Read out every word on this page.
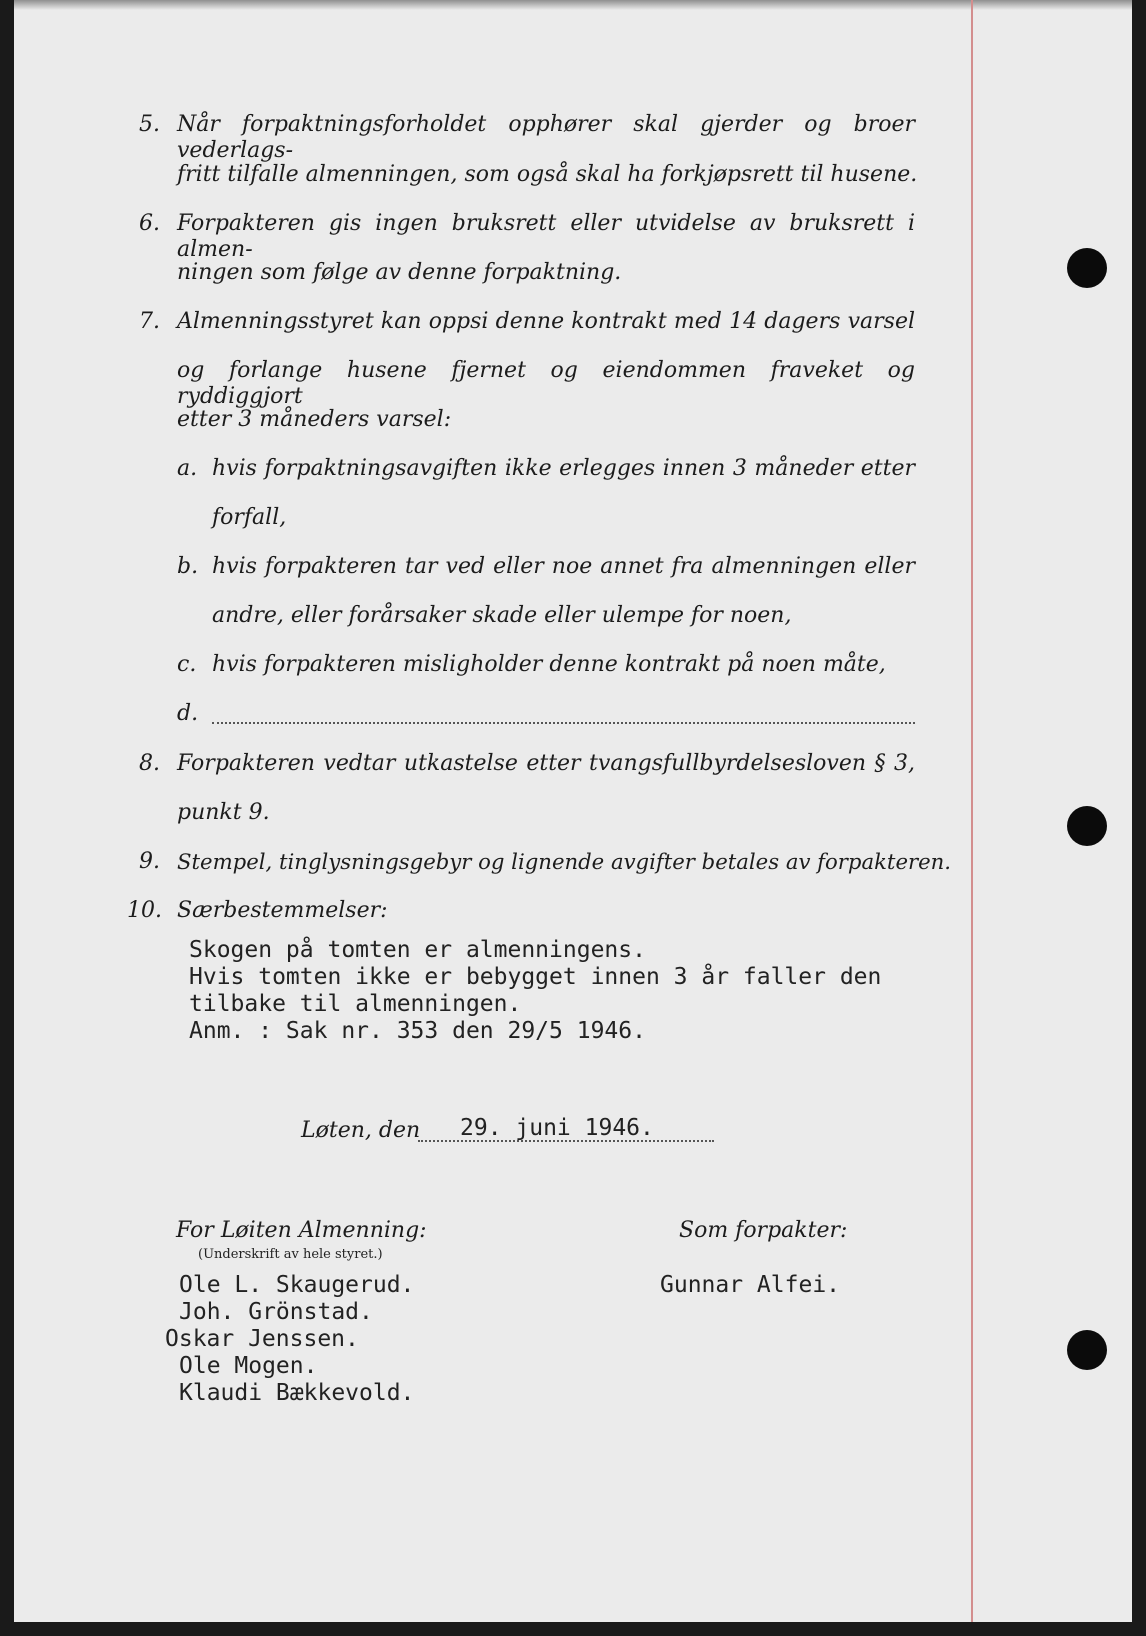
5. Når forpaktningsforholdet opphører skal gjerder og broer vederlags-
fritt tilfalle almenningen, som også skal ha forkjøpsrett til husene.
6. Forpakteren gis ingen bruksrett eller utvidelse av bruksrett i almen-
ningen som følge av denne forpaktning.
7. Almenningsstyret kan oppsi denne kontrakt med 14 dagers varsel
og forlange husene fjernet og eiendommen fraveket og ryddiggjort
etter 3 måneders varsel:
a. hvis forpaktningsavgiften ikke erlegges innen 3 måneder etter
forfall,
b. hvis forpakteren tar ved eller noe annet fra almenningen eller
andre, eller forårsaker skade eller ulempe for noen,
c. hvis forpakteren misligholder denne kontrakt på noen måte,
d.
8. Forpakteren vedtar utkastelse etter tvangsfullbyrdelsesloven § 3,
punkt 9.
9. Stempel, tinglysningsgebyr og lignende avgifter betales av forpakteren.
10. Særbestemmelser:
Skogen på tomten er almenningens.
Hvis tomten ikke er bebygget innen 3 år faller den
tilbake til almenningen.
Anm. : Sak nr. 353 den 29/5 1946.
Løten, den 29. juni 1946.
For Løiten Almenning:
(Underskrift av hele styret.)
Ole L. Skaugerud.
Joh. Grönstad.
Oskar Jenssen.
Ole Mogen.
Klaudi Bækkevold.
Som forpakter:
Gunnar Alfei.
